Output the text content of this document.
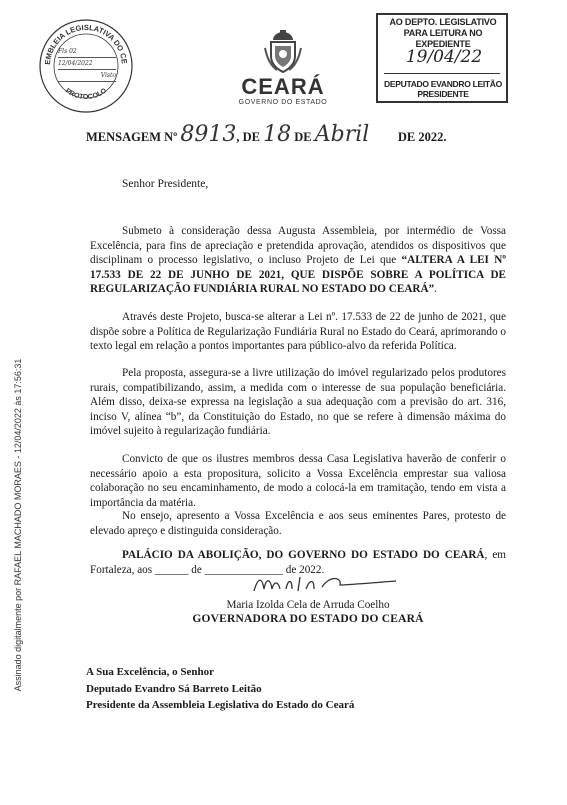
EMBLEIA LEGISLATIVA DO CE
PROTOCOLO
Fls 02
12/04/2022
Visto	CEARÁ
GOVERNO DO ESTADO
AO DEPTO. LEGISLATIVO
PARA LEITURA NO EXPEDIENTE
19/04/22
DEPUTADO EVANDRO LEITÃO
PRESIDENTE
MENSAGEM Nº 8913, DE 18 DE Abril DE 2022.
Senhor Presidente,
Submeto à consideração dessa Augusta Assembleia, por intermédio de Vossa Excelência, para fins de apreciação e pretendida aprovação, atendidos os dispositivos que disciplinam o processo legislativo, o incluso Projeto de Lei que “ALTERA A LEI Nº 17.533 DE 22 DE JUNHO DE 2021, QUE DISPÕE SOBRE A POLÍTICA DE REGULARIZAÇÃO FUNDIÁRIA RURAL NO ESTADO DO CEARÁ”.
Através deste Projeto, busca-se alterar a Lei nº. 17.533 de 22 de junho de 2021, que dispõe sobre a Política de Regularização Fundiária Rural no Estado do Ceará, aprimorando o texto legal em relação a pontos importantes para público-alvo da referida Política.
Pela proposta, assegura-se a livre utilização do imóvel regularizado pelos produtores rurais, compatibilizando, assim, a medida com o interesse de sua população beneficiária. Além disso, deixa-se expressa na legislação a sua adequação com a previsão do art. 316, inciso V, alínea “b”, da Constituição do Estado, no que se refere à dimensão máxima do imóvel sujeito à regularização fundiária.
Convicto de que os ilustres membros dessa Casa Legislativa haverão de conferir o necessário apoio a esta propositura, solicito a Vossa Excelência emprestar sua valiosa colaboração no seu encaminhamento, de modo a colocá-la em tramitação, tendo em vista a importância da matéria.
No ensejo, apresento a Vossa Excelência e aos seus eminentes Pares, protesto de elevado apreço e distinguida consideração.
PALÁCIO DA ABOLIÇÃO, DO GOVERNO DO ESTADO DO CEARÁ, em Fortaleza, aos ______ de ______________ de 2022.
Maria Izolda Cela de Arruda Coelho
GOVERNADORA DO ESTADO DO CEARÁ
A Sua Excelência, o Senhor
Deputado Evandro Sá Barreto Leitão
Presidente da Assembleia Legislativa do Estado do Ceará
Assinado digitalmente por RAFAEL MACHADO MORAES - 12/04/2022 às 17:56:31
